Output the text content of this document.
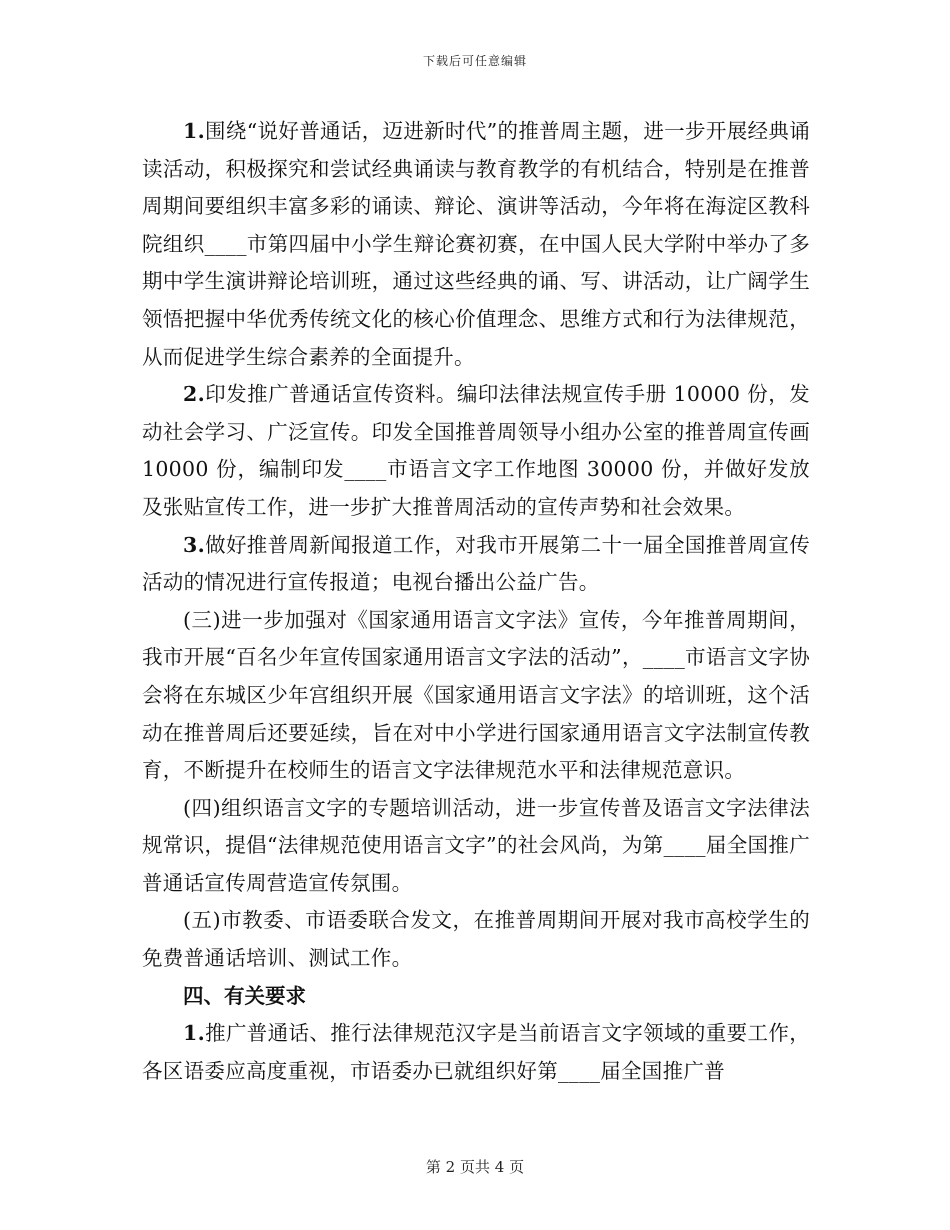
下载后可任意编辑

1.围绕“说好普通话，迈进新时代”的推普周主题，进一步开展经典诵读活动，积极探究和尝试经典诵读与教育教学的有机结合，特别是在推普周期间要组织丰富多彩的诵读、辩论、演讲等活动，今年将在海淀区教科院组织____市第四届中小学生辩论赛初赛，在中国人民大学附中举办了多期中学生演讲辩论培训班，通过这些经典的诵、写、讲活动，让广阔学生领悟把握中华优秀传统文化的核心价值理念、思维方式和行为法律规范，从而促进学生综合素养的全面提升。

2.印发推广普通话宣传资料。编印法律法规宣传手册 10000 份，发动社会学习、广泛宣传。印发全国推普周领导小组办公室的推普周宣传画 10000 份，编制印发____市语言文字工作地图 30000 份，并做好发放及张贴宣传工作，进一步扩大推普周活动的宣传声势和社会效果。

3.做好推普周新闻报道工作，对我市开展第二十一届全国推普周宣传活动的情况进行宣传报道；电视台播出公益广告。

(三)进一步加强对《国家通用语言文字法》宣传，今年推普周期间，我市开展“百名少年宣传国家通用语言文字法的活动”，____市语言文字协会将在东城区少年宫组织开展《国家通用语言文字法》的培训班，这个活动在推普周后还要延续，旨在对中小学进行国家通用语言文字法制宣传教育，不断提升在校师生的语言文字法律规范水平和法律规范意识。

(四)组织语言文字的专题培训活动，进一步宣传普及语言文字法律法规常识，提倡“法律规范使用语言文字”的社会风尚，为第____届全国推广普通话宣传周营造宣传氛围。

(五)市教委、市语委联合发文，在推普周期间开展对我市高校学生的免费普通话培训、测试工作。

四、有关要求

1.推广普通话、推行法律规范汉字是当前语言文字领域的重要工作，各区语委应高度重视，市语委办已就组织好第____届全国推广普

第 2 页共 4 页
